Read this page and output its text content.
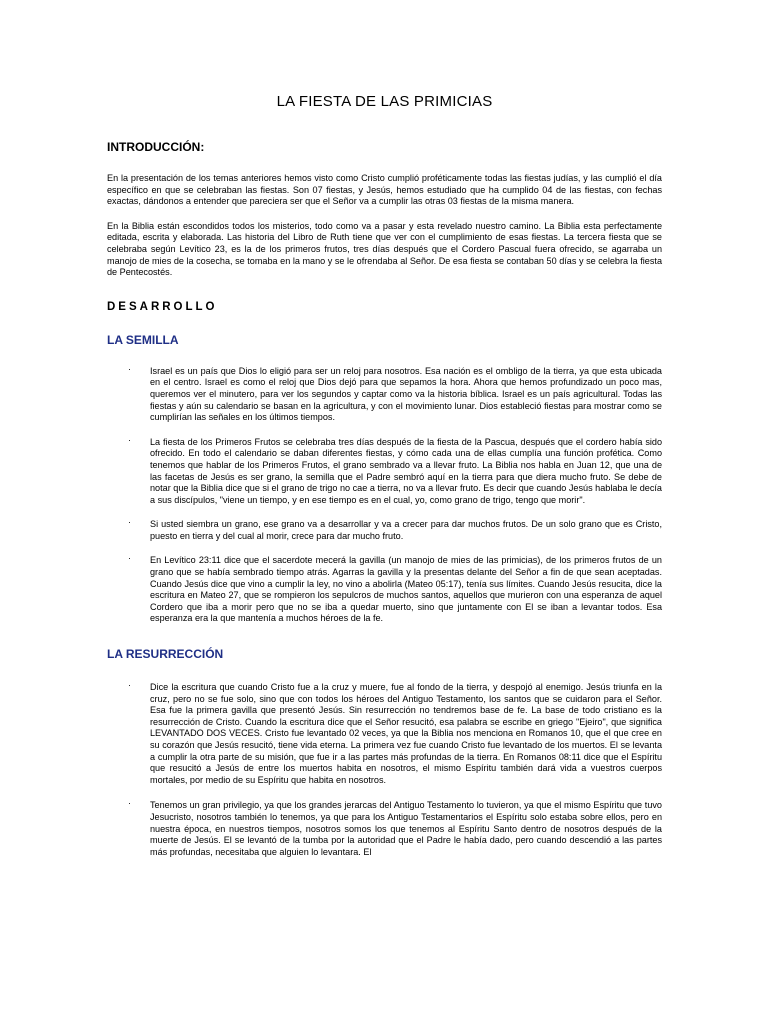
LA FIESTA DE LAS PRIMICIAS
INTRODUCCIÓN:

En la presentación de los temas anteriores hemos visto como Cristo cumplió proféticamente todas las fiestas judías, y las cumplió el día específico en que se celebraban las fiestas. Son 07 fiestas, y Jesús, hemos estudiado que ha cumplido 04 de las fiestas, con fechas exactas, dándonos a entender que pareciera ser que el Señor va a cumplir las otras 03 fiestas de la misma manera.

En la Biblia están escondidos todos los misterios, todo como va a pasar y esta revelado nuestro camino. La Biblia esta perfectamente editada, escrita y elaborada. Las historia del Libro de Ruth tiene que ver con el cumplimiento de esas fiestas. La tercera fiesta que se celebraba según Levítico 23, es la de los primeros frutos, tres días después que el Cordero Pascual fuera ofrecido, se agarraba un manojo de mies de la cosecha, se tomaba en la mano y se le ofrendaba al Señor. De esa fiesta se contaban 50 días y se celebra la fiesta de Pentecostés.

DESARROLLO
LA SEMILLA
· Israel es un país que Dios lo eligió para ser un reloj para nosotros. Esa nación es el ombligo de la tierra, ya que esta ubicada en el centro. Israel es como el reloj que Dios dejó para que sepamos la hora. Ahora que hemos profundizado un poco mas, queremos ver el minutero, para ver los segundos y captar como va la historia bíblica. Israel es un país agricultural. Todas las fiestas y aún su calendario se basan en la agricultura, y con el movimiento lunar. Dios estableció fiestas para mostrar como se cumplirían las señales en los últimos tiempos.
· La fiesta de los Primeros Frutos se celebraba tres días después de la fiesta de la Pascua, después que el cordero había sido ofrecido. En todo el calendario se daban diferentes fiestas, y cómo cada una de ellas cumplía una función profética. Como tenemos que hablar de los Primeros Frutos, el grano sembrado va a llevar fruto. La Biblia nos habla en Juan 12, que una de las facetas de Jesús es ser grano, la semilla que el Padre sembró aquí en la tierra para que diera mucho fruto. Se debe de notar que la Biblia dice que si el grano de trigo no cae a tierra, no va a llevar fruto. Es decir que cuando Jesús hablaba le decía a sus discípulos, "viene un tiempo, y en ese tiempo es en el cual, yo, como grano de trigo, tengo que morir".
· Si usted siembra un grano, ese grano va a desarrollar y va a crecer para dar muchos frutos. De un solo grano que es Cristo, puesto en tierra y del cual al morir, crece para dar mucho fruto.
· En Levítico 23:11 dice que el sacerdote mecerá la gavilla (un manojo de mies de las primicias), de los primeros frutos de un grano que se había sembrado tiempo atrás. Agarras la gavilla y la presentas delante del Señor a fin de que sean aceptadas. Cuando Jesús dice que vino a cumplir la ley, no vino a abolirla (Mateo 05:17), tenía sus límites. Cuando Jesús resucita, dice la escritura en Mateo 27, que se rompieron los sepulcros de muchos santos, aquellos que murieron con una esperanza de aquel Cordero que iba a morir pero que no se iba a quedar muerto, sino que juntamente con El se iban a levantar todos. Esa esperanza era la que mantenía a muchos héroes de la fe.
LA RESURRECCIÓN
· Dice la escritura que cuando Cristo fue a la cruz y muere, fue al fondo de la tierra, y despojó al enemigo. Jesús triunfa en la cruz, pero no se fue solo, sino que con todos los héroes del Antiguo Testamento, los santos que se cuidaron para el Señor. Esa fue la primera gavilla que presentó Jesús. Sin resurrección no tendremos base de fe. La base de todo cristiano es la resurrección de Cristo. Cuando la escritura dice que el Señor resucitó, esa palabra se escribe en griego "Ejeiro", que significa LEVANTADO DOS VECES. Cristo fue levantado 02 veces, ya que la Biblia nos menciona en Romanos 10, que el que cree en su corazón que Jesús resucitó, tiene vida eterna. La primera vez fue cuando Cristo fue levantado de los muertos. El se levanta a cumplir la otra parte de su misión, que fue ir a las partes más profundas de la tierra. En Romanos 08:11 dice que el Espíritu que resucitó a Jesús de entre los muertos habita en nosotros, el mismo Espíritu también dará vida a vuestros cuerpos mortales, por medio de su Espíritu que habita en nosotros.
· Tenemos un gran privilegio, ya que los grandes jerarcas del Antiguo Testamento lo tuvieron, ya que el mismo Espíritu que tuvo Jesucristo, nosotros también lo tenemos, ya que para los Antiguo Testamentarios el Espíritu solo estaba sobre ellos, pero en nuestra época, en nuestros tiempos, nosotros somos los que tenemos al Espíritu Santo dentro de nosotros después de la muerte de Jesús. El se levantó de la tumba por la autoridad que el Padre le había dado, pero cuando descendió a las partes más profundas, necesitaba que alguien lo levantara. El
